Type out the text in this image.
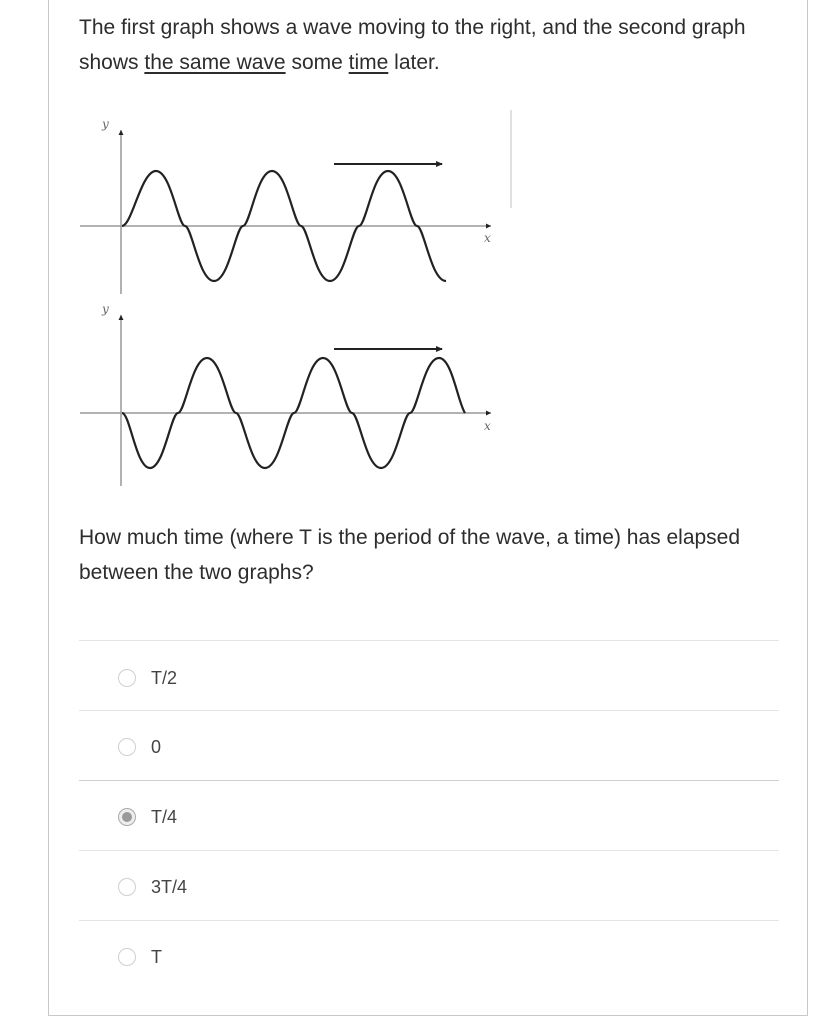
The first graph shows a wave moving to the right, and the second graph shows the same wave some time later.
y
x
y
x
How much time (where T is the period of the wave, a time) has elapsed between the two graphs?
T/2
0
T/4
3T/4
T
